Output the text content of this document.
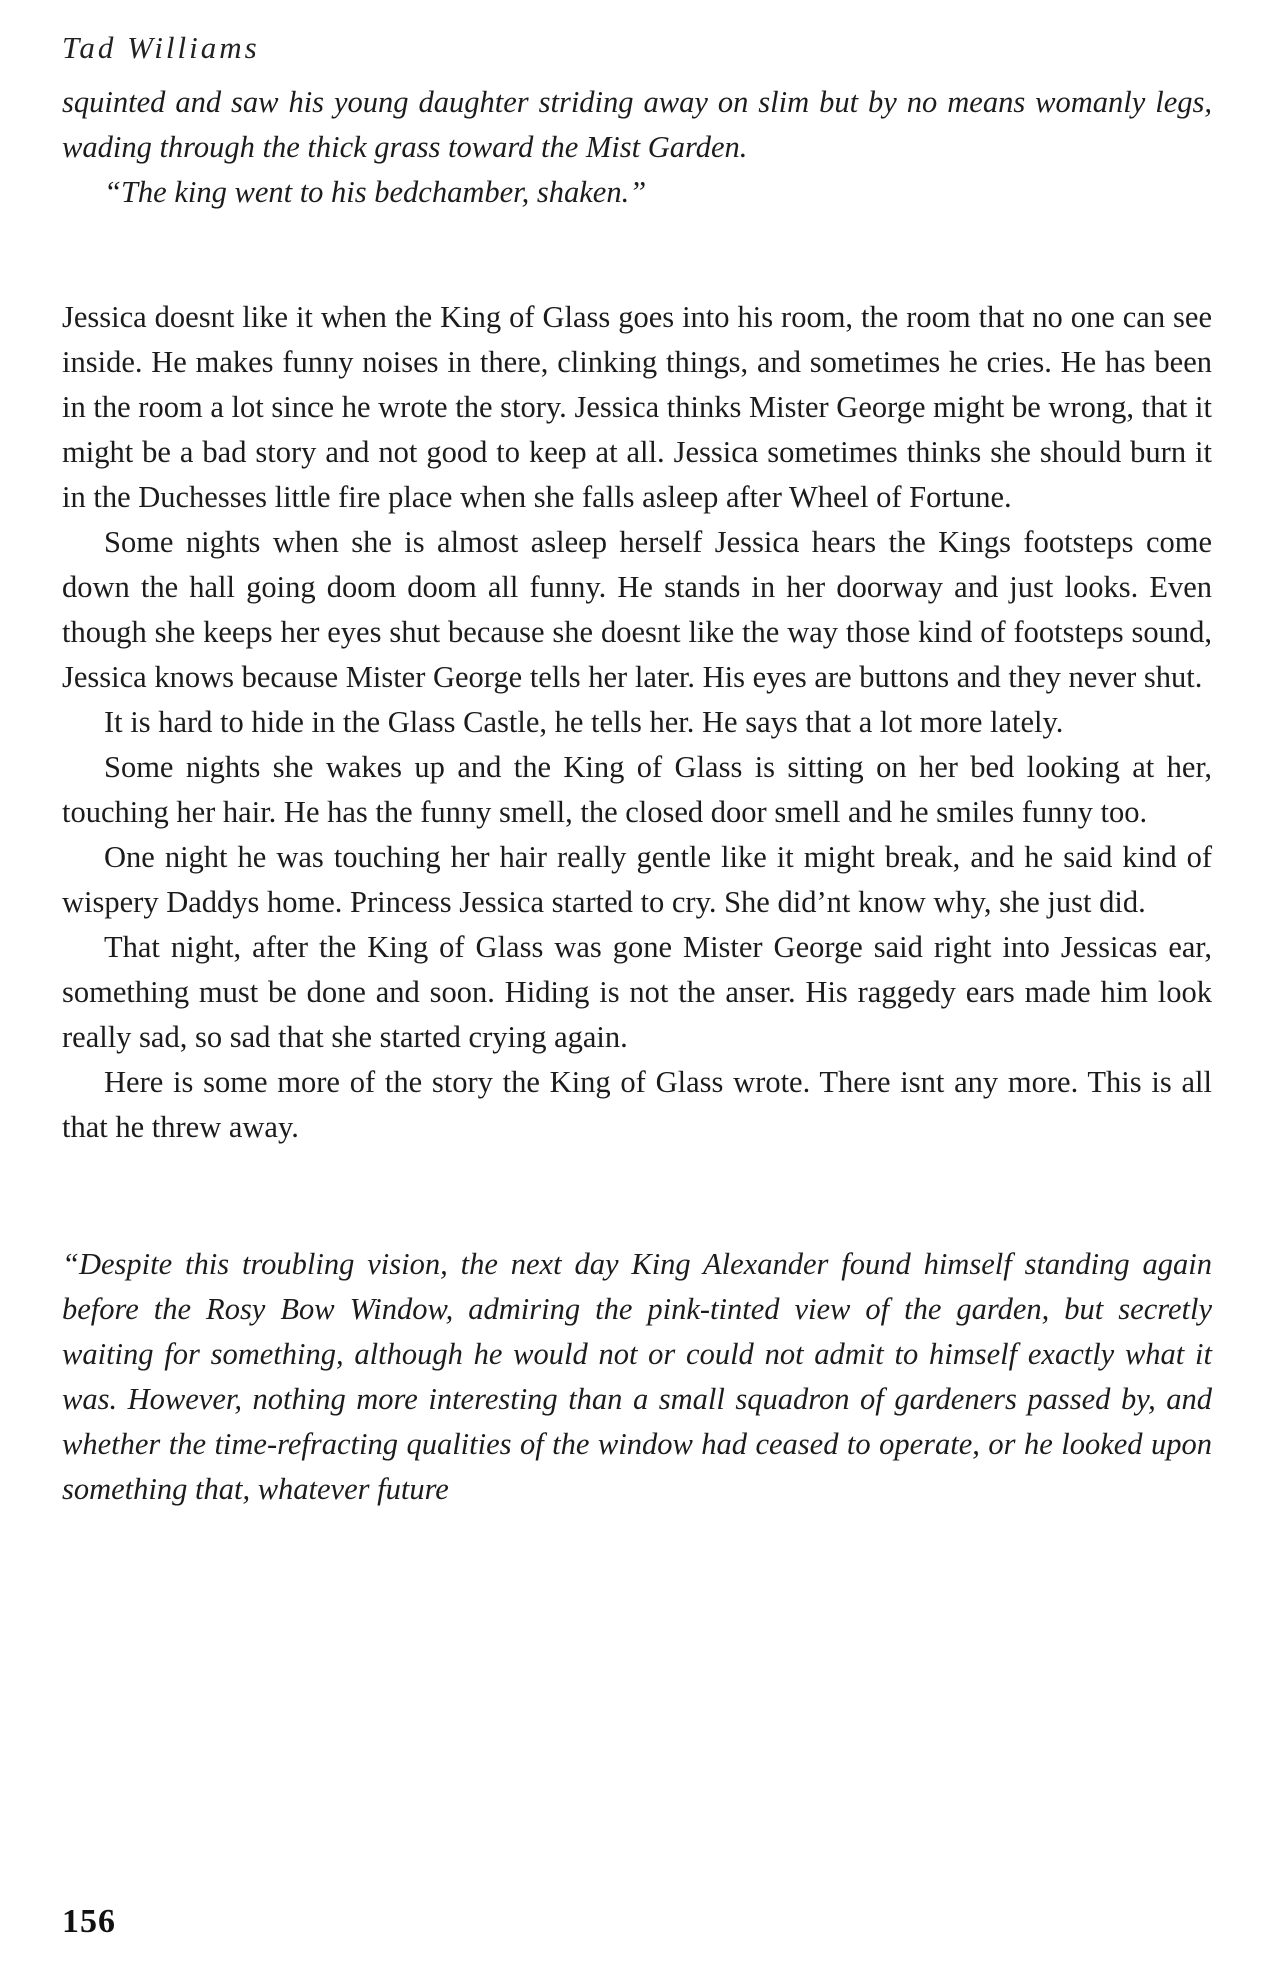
Tad Williams

squinted and saw his young daughter striding away on slim but by no means womanly legs, wading through the thick grass toward the Mist Garden.

“The king went to his bedchamber, shaken.”

Jessica doesnt like it when the King of Glass goes into his room, the room that no one can see inside. He makes funny noises in there, clinking things, and sometimes he cries. He has been in the room a lot since he wrote the story. Jessica thinks Mister George might be wrong, that it might be a bad story and not good to keep at all. Jessica sometimes thinks she should burn it in the Duchesses little fire place when she falls asleep after Wheel of Fortune.

Some nights when she is almost asleep herself Jessica hears the Kings footsteps come down the hall going doom doom all funny. He stands in her doorway and just looks. Even though she keeps her eyes shut because she doesnt like the way those kind of footsteps sound, Jessica knows because Mister George tells her later. His eyes are buttons and they never shut.

It is hard to hide in the Glass Castle, he tells her. He says that a lot more lately.

Some nights she wakes up and the King of Glass is sitting on her bed looking at her, touching her hair. He has the funny smell, the closed door smell and he smiles funny too.

One night he was touching her hair really gentle like it might break, and he said kind of wispery Daddys home. Princess Jessica started to cry. She did’nt know why, she just did.

That night, after the King of Glass was gone Mister George said right into Jessicas ear, something must be done and soon. Hiding is not the anser. His raggedy ears made him look really sad, so sad that she started crying again.

Here is some more of the story the King of Glass wrote. There isnt any more. This is all that he threw away.

“Despite this troubling vision, the next day King Alexander found himself standing again before the Rosy Bow Window, admiring the pink-tinted view of the garden, but secretly waiting for something, although he would not or could not admit to himself exactly what it was. However, nothing more interesting than a small squadron of gardeners passed by, and whether the time-refracting qualities of the window had ceased to operate, or he looked upon something that, whatever future

156
